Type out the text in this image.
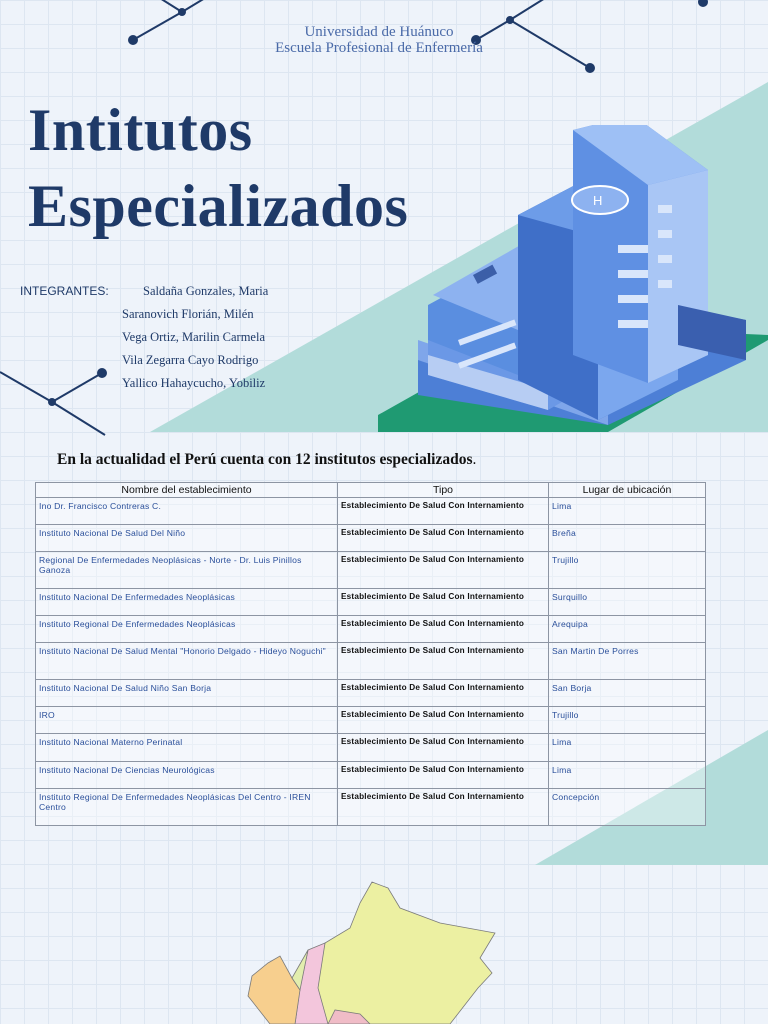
H
Universidad de Huánuco
Escuela Profesional de Enfermería
Intitutos
Especializados
INTEGRANTES:	Saldaña Gonzales, Maria
Saranovich Florián, Milén
Vega Ortiz, Marilin Carmela
Vila Zegarra Cayo Rodrigo
Yallico Hahaycucho, Yobiliz
En la actualidad el Perú cuenta con 12 institutos especializados.
Nombre del establecimiento	Tipo	Lugar de ubicación
Ino Dr. Francisco Contreras C.	Establecimiento De Salud Con Internamiento	Lima
Instituto Nacional De Salud Del Niño	Establecimiento De Salud Con Internamiento	Breña
Regional De Enfermedades Neoplásicas - Norte - Dr. Luis Pinillos Ganoza	Establecimiento De Salud Con Internamiento	Trujillo
Instituto Nacional De Enfermedades Neoplásicas	Establecimiento De Salud Con Internamiento	Surquillo
Instituto Regional De Enfermedades Neoplásicas	Establecimiento De Salud Con Internamiento	Arequipa
Instituto Nacional De Salud Mental "Honorio Delgado - Hideyo Noguchi"	Establecimiento De Salud Con Internamiento	San Martin De Porres
Instituto Nacional De Salud Niño San Borja	Establecimiento De Salud Con Internamiento	San Borja
IRO	Establecimiento De Salud Con Internamiento	Trujillo
Instituto Nacional Materno Perinatal	Establecimiento De Salud Con Internamiento	Lima
Instituto Nacional De Ciencias Neurológicas	Establecimiento De Salud Con Internamiento	Lima
Instituto Regional De Enfermedades Neoplásicas Del Centro - IREN Centro	Establecimiento De Salud Con Internamiento	Concepción
